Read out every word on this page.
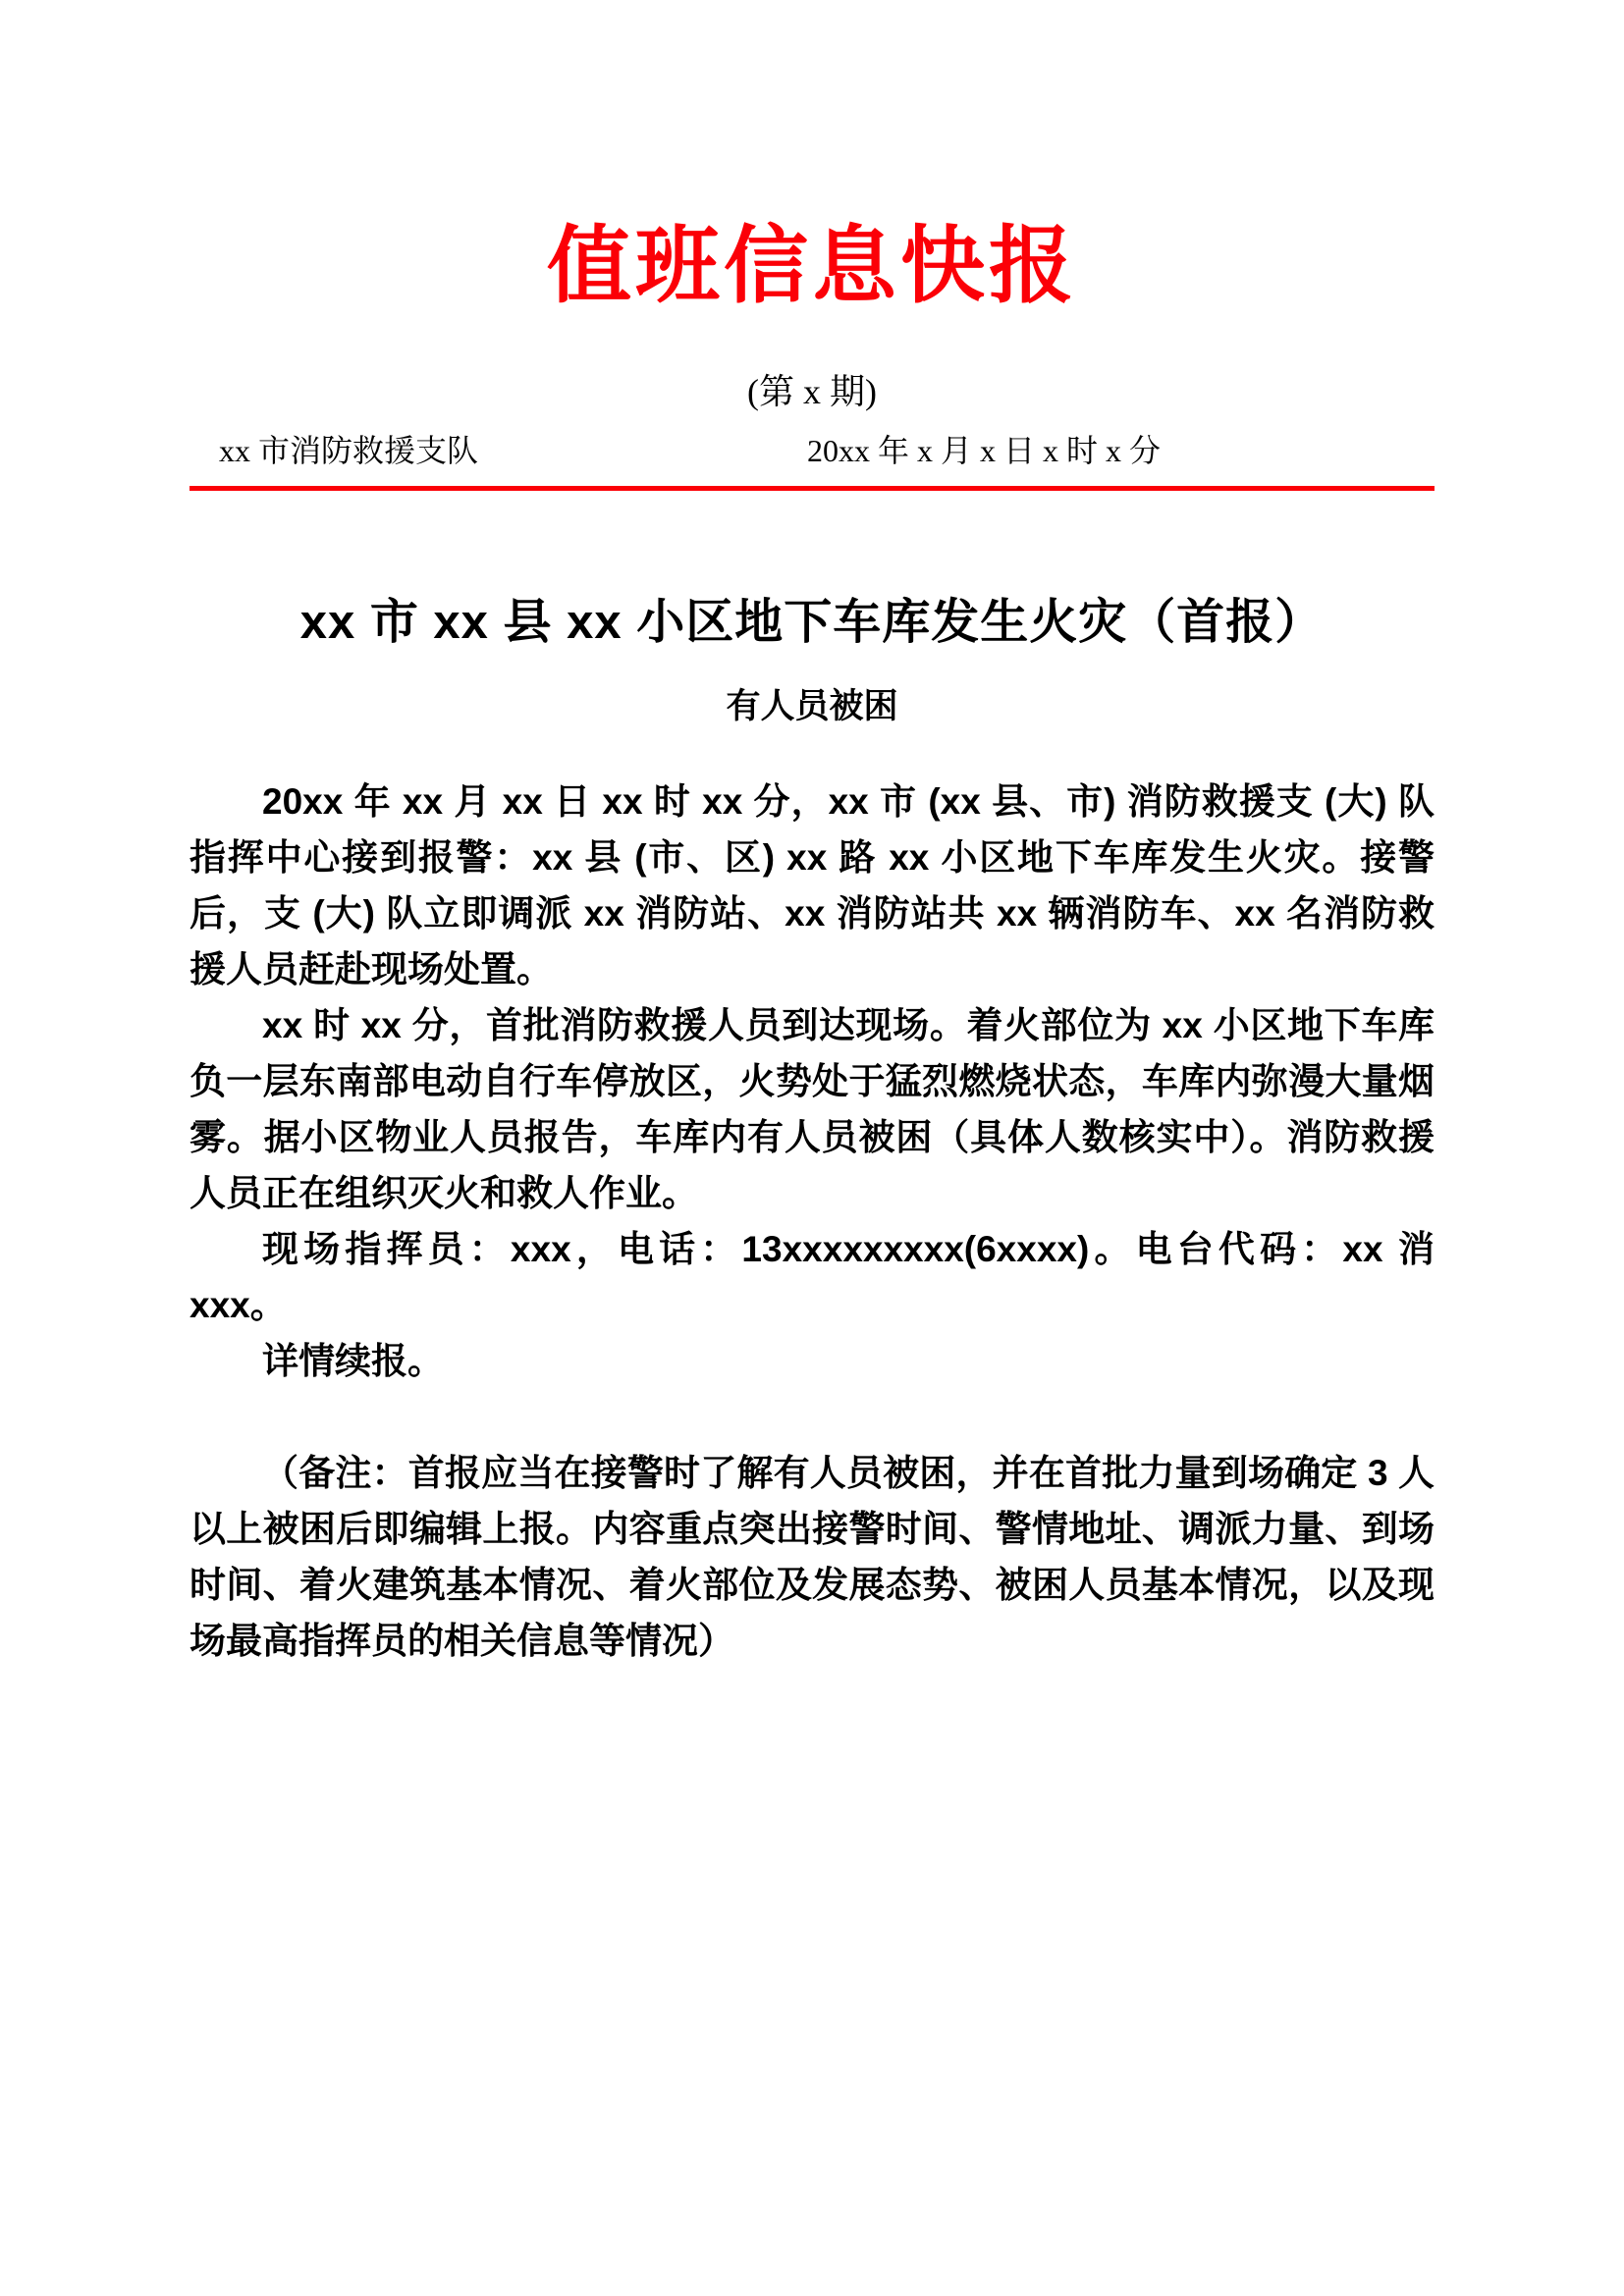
值班信息快报
(第 x 期)
xx 市消防救援支队	20xx 年 x 月 x 日 x 时 x 分
xx 市 xx 县 xx 小区地下车库发生火灾（首报）
有人员被困

20xx 年 xx 月 xx 日 xx 时 xx 分，xx 市 (xx 县、市) 消防救援支 (大) 队指挥中心接到报警：xx 县 (市、区) xx 路 xx 小区地下车库发生火灾。接警后，支 (大) 队立即调派 xx 消防站、xx 消防站共 xx 辆消防车、xx 名消防救援人员赶赴现场处置。

xx 时 xx 分，首批消防救援人员到达现场。着火部位为 xx 小区地下车库负一层东南部电动自行车停放区，火势处于猛烈燃烧状态，车库内弥漫大量烟雾。据小区物业人员报告，车库内有人员被困（具体人数核实中）。消防救援人员正在组织灭火和救人作业。

现场指挥员：xxx，电话：13xxxxxxxxx(6xxxx)。电台代码：xx 消 xxx。

详情续报。

（备注：首报应当在接警时了解有人员被困，并在首批力量到场确定 3 人以上被困后即编辑上报。内容重点突出接警时间、警情地址、调派力量、到场时间、着火建筑基本情况、着火部位及发展态势、被困人员基本情况，以及现场最高指挥员的相关信息等情况）
